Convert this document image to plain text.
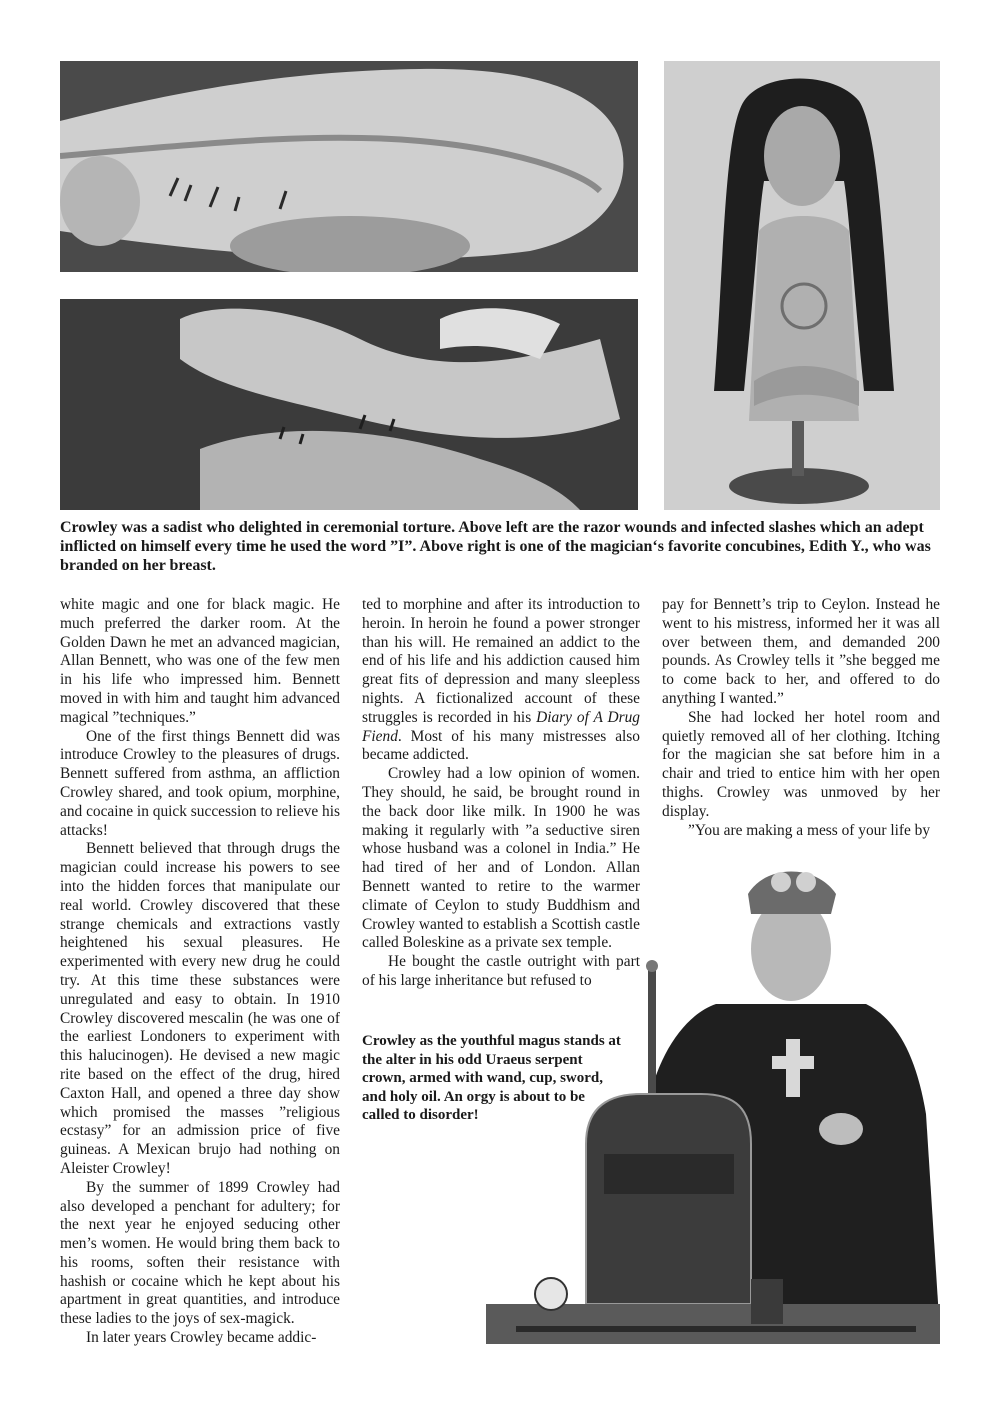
Crowley was a sadist who delighted in ceremonial torture. Above left are the razor wounds and infected slashes which an adept inflicted on himself every time he used the word ”I”. Above right is one of the magician‘s favorite concubines, Edith Y., who was branded on her breast.

white magic and one for black magic. He much preferred the darker room. At the Golden Dawn he met an advanced magician, Allan Bennett, who was one of the few men in his life who impressed him. Bennett moved in with him and taught him advanced magical ”techniques.”

One of the first things Bennett did was introduce Crowley to the pleasures of drugs. Bennett suffered from asthma, an affliction Crowley shared, and took opium, morphine, and cocaine in quick succession to relieve his attacks!

Bennett believed that through drugs the magician could increase his powers to see into the hidden forces that manipulate our real world. Crowley discovered that these strange chemicals and extractions vastly heightened his sexual pleasures. He experimented with every new drug he could try. At this time these substances were unregulated and easy to obtain. In 1910 Crowley discovered mescalin (he was one of the earliest Londoners to experiment with this halucinogen). He devised a new magic rite based on the effect of the drug, hired Caxton Hall, and opened a three day show which promised the masses ”religious ecstasy” for an admission price of five guineas. A Mexican brujo had nothing on Aleister Crowley!

By the summer of 1899 Crowley had also developed a penchant for adultery; for the next year he enjoyed seducing other men’s women. He would bring them back to his rooms, soften their resistance with hashish or cocaine which he kept about his apartment in great quantities, and introduce these ladies to the joys of sex-magick.

In later years Crowley became addic-

ted to morphine and after its introduction to heroin. In heroin he found a power stronger than his will. He remained an addict to the end of his life and his addiction caused him great fits of depression and many sleepless nights. A fictionalized account of these struggles is recorded in his Diary of A Drug Fiend. Most of his many mistresses also became addicted.

Crowley had a low opinion of women. They should, he said, be brought round in the back door like milk. In 1900 he was making it regularly with ”a seductive siren whose husband was a colonel in India.” He had tired of her and of London. Allan Bennett wanted to retire to the warmer climate of Ceylon to study Buddhism and Crowley wanted to establish a Scottish castle called Boleskine as a private sex temple.

He bought the castle outright with part of his large inheritance but refused to

Crowley as the youthful magus stands at the alter in his odd Uraeus serpent crown, armed with wand, cup, sword, and holy oil. An orgy is about to be called to disorder!

pay for Bennett’s trip to Ceylon. Instead he went to his mistress, informed her it was all over between them, and demanded 200 pounds. As Crowley tells it ”she begged me to come back to her, and offered to do anything I wanted.”

She had locked her hotel room and quietly removed all of her clothing. Itching for the magician she sat before him in a chair and tried to entice him with her open thighs. Crowley was unmoved by her display.

”You are making a mess of your life by
